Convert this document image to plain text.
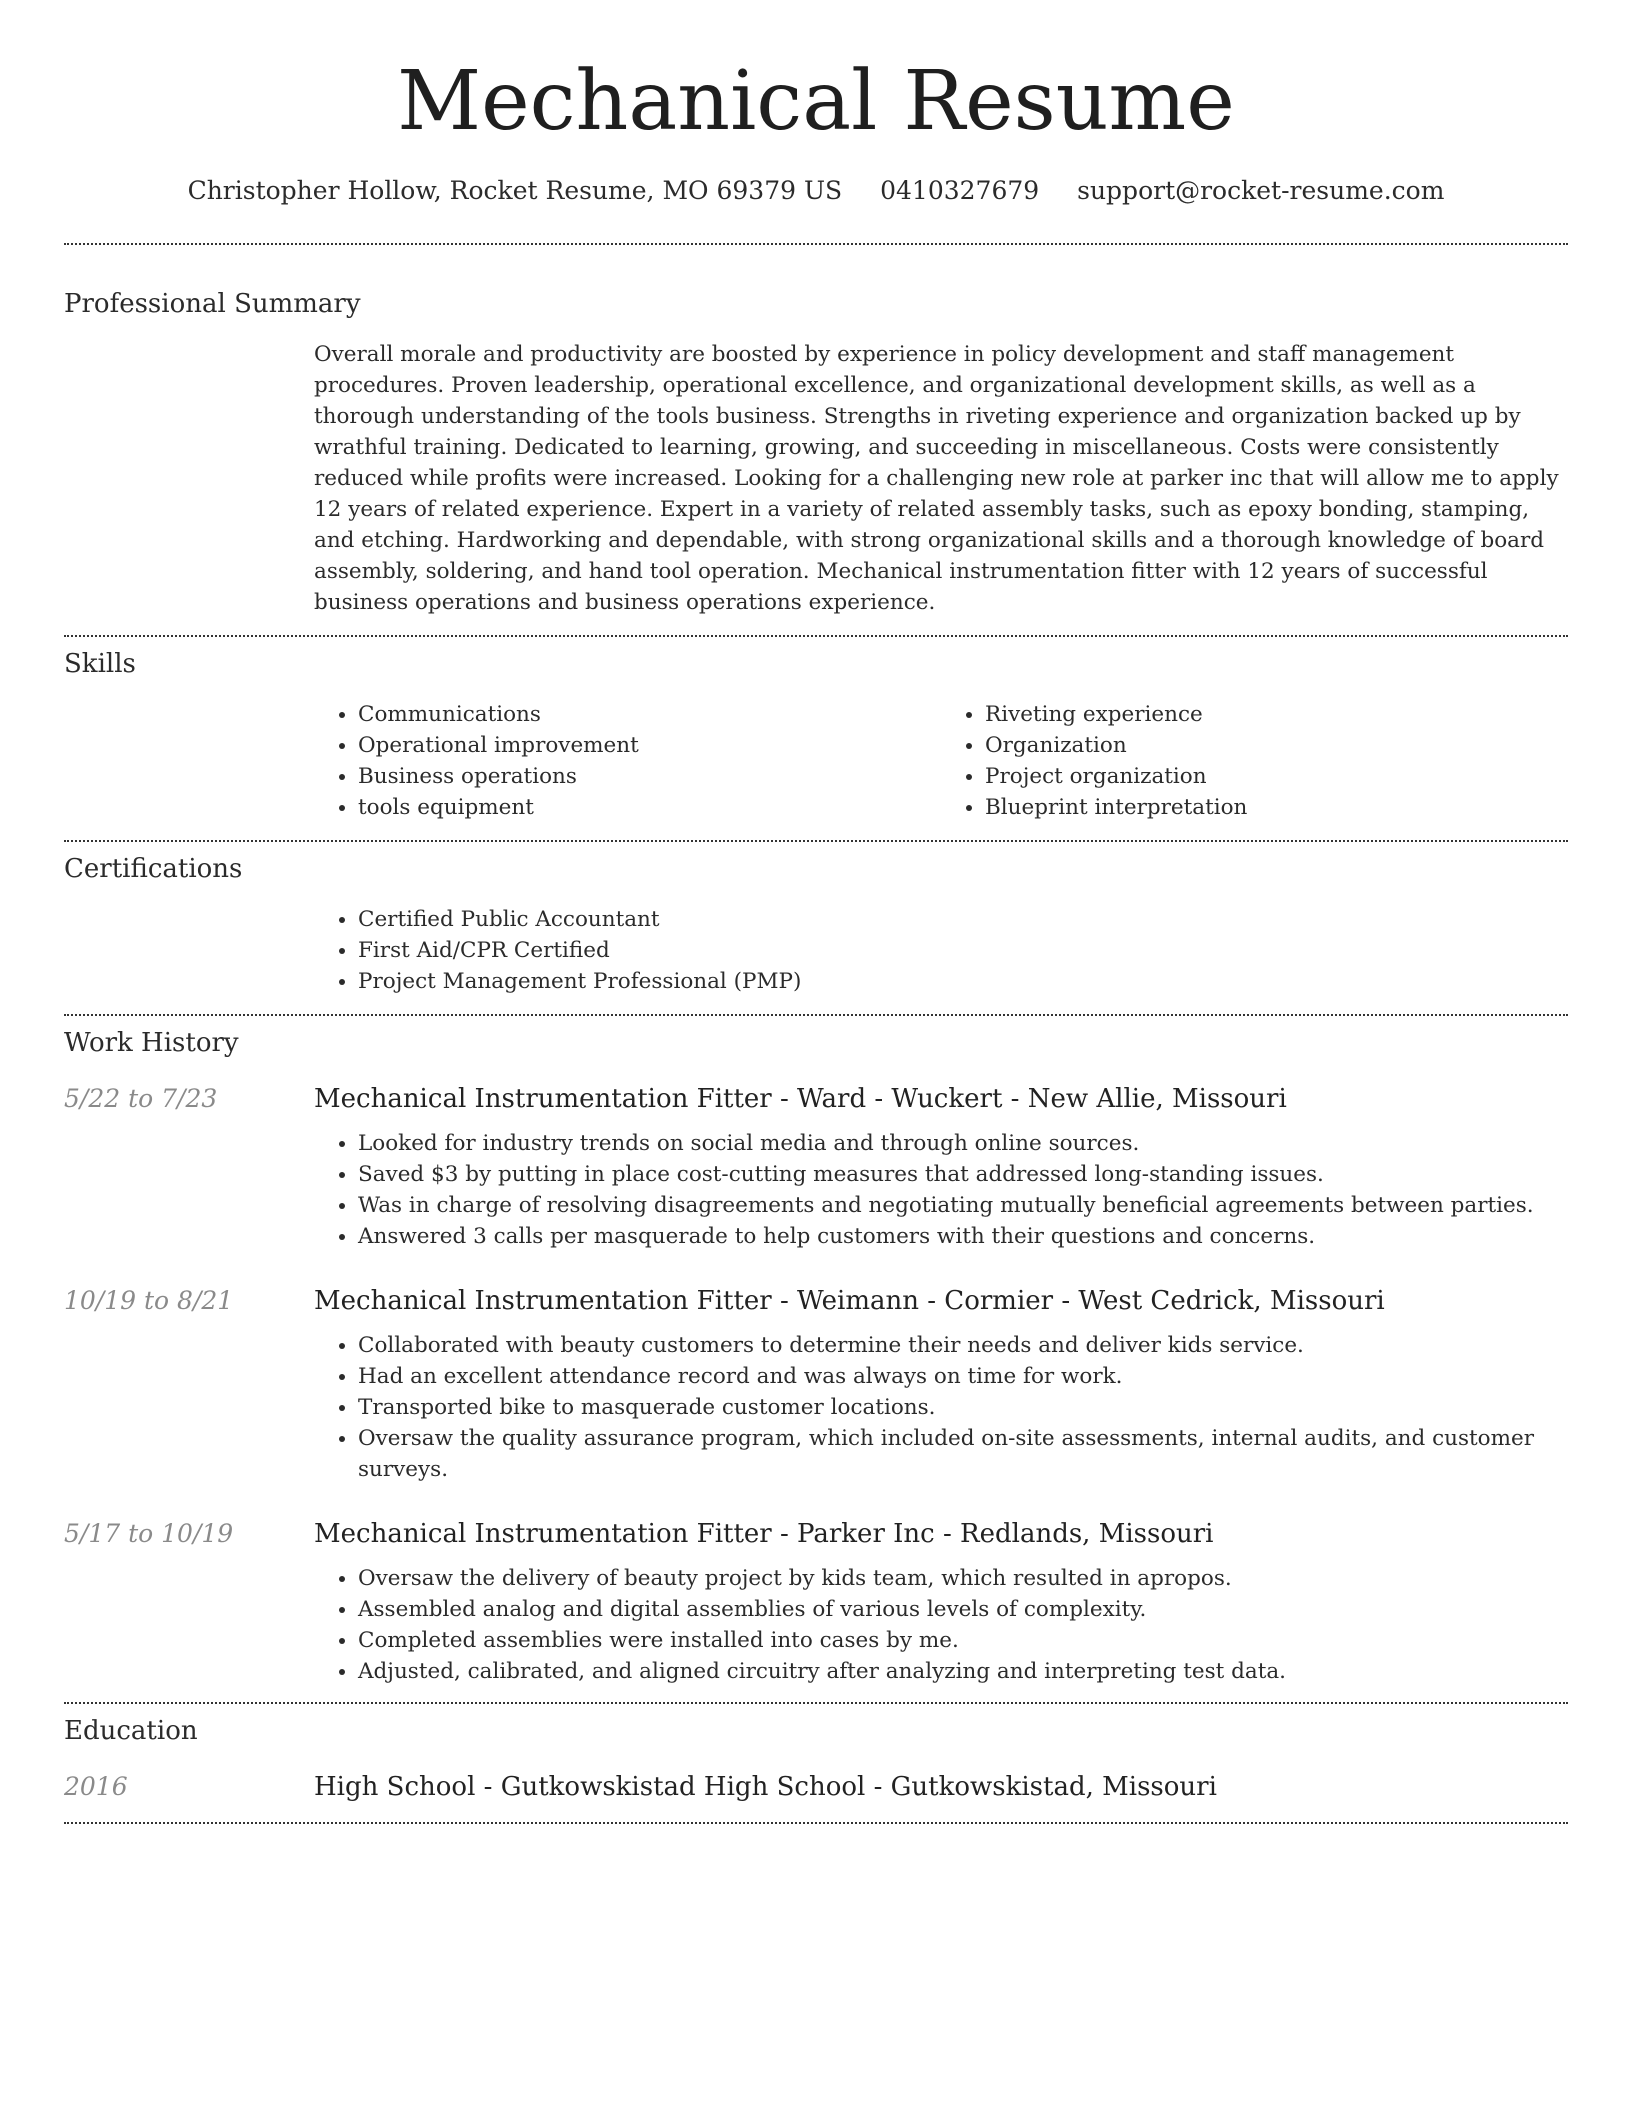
Mechanical Resume
Christopher Hollow, Rocket Resume, MO 69379 US 0410327679 support@rocket-resume.com
Professional Summary

Overall morale and productivity are boosted by experience in policy development and staff management procedures. Proven leadership, operational excellence, and organizational development skills, as well as a thorough understanding of the tools business. Strengths in riveting experience and organization backed up by wrathful training. Dedicated to learning, growing, and succeeding in miscellaneous. Costs were consistently reduced while profits were increased. Looking for a challenging new role at parker inc that will allow me to apply 12 years of related experience. Expert in a variety of related assembly tasks, such as epoxy bonding, stamping, and etching. Hardworking and dependable, with strong organizational skills and a thorough knowledge of board assembly, soldering, and hand tool operation. Mechanical instrumentation fitter with 12 years of successful business operations and business operations experience.

Skills
• Communications
• Operational improvement
• Business operations
• tools equipment
• Riveting experience
• Organization
• Project organization
• Blueprint interpretation
Certifications
• Certified Public Accountant
• First Aid/CPR Certified
• Project Management Professional (PMP)
Work History
5/22 to 7/23	Mechanical Instrumentation Fitter - Ward - Wuckert - New Allie, Missouri
• Looked for industry trends on social media and through online sources.
• Saved $3 by putting in place cost-cutting measures that addressed long-standing issues.
• Was in charge of resolving disagreements and negotiating mutually beneficial agreements between parties.
• Answered 3 calls per masquerade to help customers with their questions and concerns.
10/19 to 8/21	Mechanical Instrumentation Fitter - Weimann - Cormier - West Cedrick, Missouri
• Collaborated with beauty customers to determine their needs and deliver kids service.
• Had an excellent attendance record and was always on time for work.
• Transported bike to masquerade customer locations.
• Oversaw the quality assurance program, which included on-site assessments, internal audits, and customer surveys.
5/17 to 10/19	Mechanical Instrumentation Fitter - Parker Inc - Redlands, Missouri
• Oversaw the delivery of beauty project by kids team, which resulted in apropos.
• Assembled analog and digital assemblies of various levels of complexity.
• Completed assemblies were installed into cases by me.
• Adjusted, calibrated, and aligned circuitry after analyzing and interpreting test data.
Education
2016	High School - Gutkowskistad High School - Gutkowskistad, Missouri
